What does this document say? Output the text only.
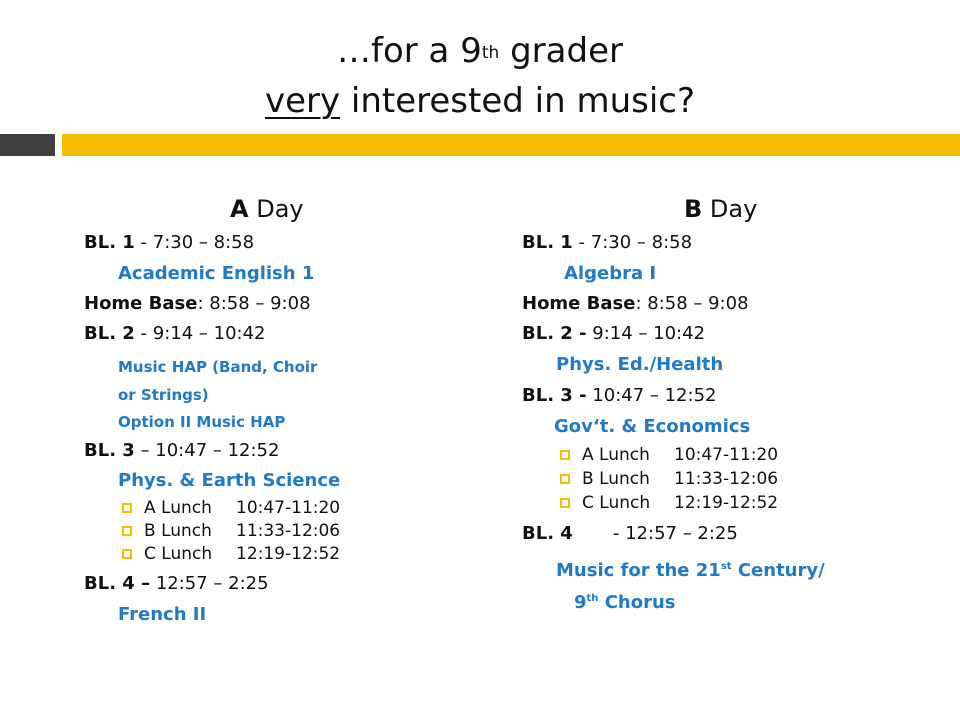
…for a 9th grader
very interested in music?
A Day
BL. 1 - 7:30 – 8:58
Academic English 1
Home Base: 8:58 – 9:08
BL. 2 - 9:14 – 10:42
Music HAP (Band, Choir
or Strings)
Option II Music HAP
BL. 3 – 10:47 – 12:52
Phys. & Earth Science
A Lunch 10:47-11:20
B Lunch 11:33-12:06
C Lunch 12:19-12:52
BL. 4 – 12:57 – 2:25
French II
B Day
BL. 1 - 7:30 – 8:58
Algebra I
Home Base: 8:58 – 9:08
BL. 2 - 9:14 – 10:42
Phys. Ed./Health
BL. 3 - 10:47 – 12:52
Gov‘t. & Economics
A Lunch 10:47-11:20
B Lunch 11:33-12:06
C Lunch 12:19-12:52
BL. 4       - 12:57 – 2:25
Music for the 21st Century/
9th Chorus
